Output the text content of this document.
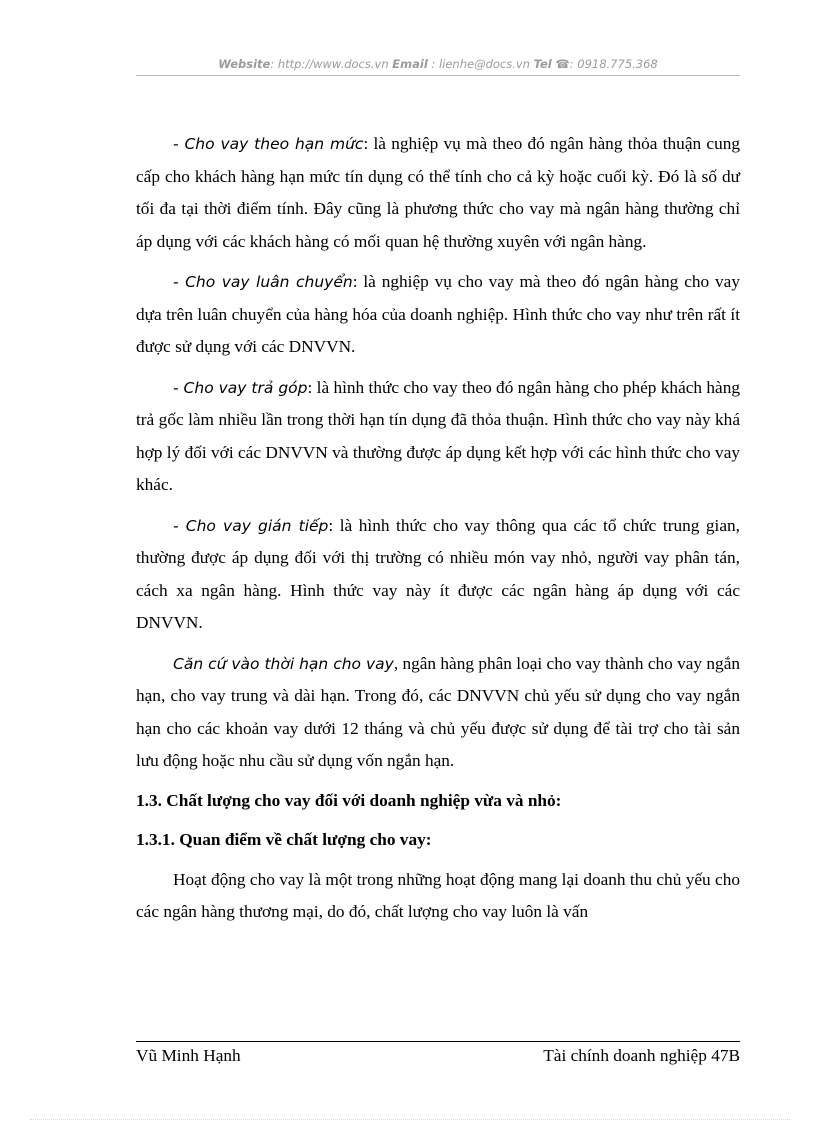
Website: http://www.docs.vn Email : lienhe@docs.vn Tel ☎: 0918.775.368

- Cho vay theo hạn mức: là nghiệp vụ mà theo đó ngân hàng thỏa thuận cung cấp cho khách hàng hạn mức tín dụng có thể tính cho cả kỳ hoặc cuối kỳ. Đó là số dư tối đa tại thời điểm tính. Đây cũng là phương thức cho vay mà ngân hàng thường chỉ áp dụng với các khách hàng có mối quan hệ thường xuyên với ngân hàng.

- Cho vay luân chuyển: là nghiệp vụ cho vay mà theo đó ngân hàng cho vay dựa trên luân chuyển của hàng hóa của doanh nghiệp. Hình thức cho vay như trên rất ít được sử dụng với các DNVVN.

- Cho vay trả góp: là hình thức cho vay theo đó ngân hàng cho phép khách hàng trả gốc làm nhiều lần trong thời hạn tín dụng đã thỏa thuận. Hình thức cho vay này khá hợp lý đối với các DNVVN và thường được áp dụng kết hợp với các hình thức cho vay khác.

- Cho vay gián tiếp: là hình thức cho vay thông qua các tổ chức trung gian, thường được áp dụng đối với thị trường có nhiều món vay nhỏ, người vay phân tán, cách xa ngân hàng. Hình thức vay này ít được các ngân hàng áp dụng với các DNVVN.

Căn cứ vào thời hạn cho vay, ngân hàng phân loại cho vay thành cho vay ngắn hạn, cho vay trung và dài hạn. Trong đó, các DNVVN chủ yếu sử dụng cho vay ngắn hạn cho các khoản vay dưới 12 tháng và chủ yếu được sử dụng để tài trợ cho tài sản lưu động hoặc nhu cầu sử dụng vốn ngắn hạn.

1.3. Chất lượng cho vay đối với doanh nghiệp vừa và nhỏ:
1.3.1. Quan điểm về chất lượng cho vay:

Hoạt động cho vay là một trong những hoạt động mang lại doanh thu chủ yếu cho các ngân hàng thương mại, do đó, chất lượng cho vay luôn là vấn

Vũ Minh Hạnh	Tài chính doanh nghiệp 47B
